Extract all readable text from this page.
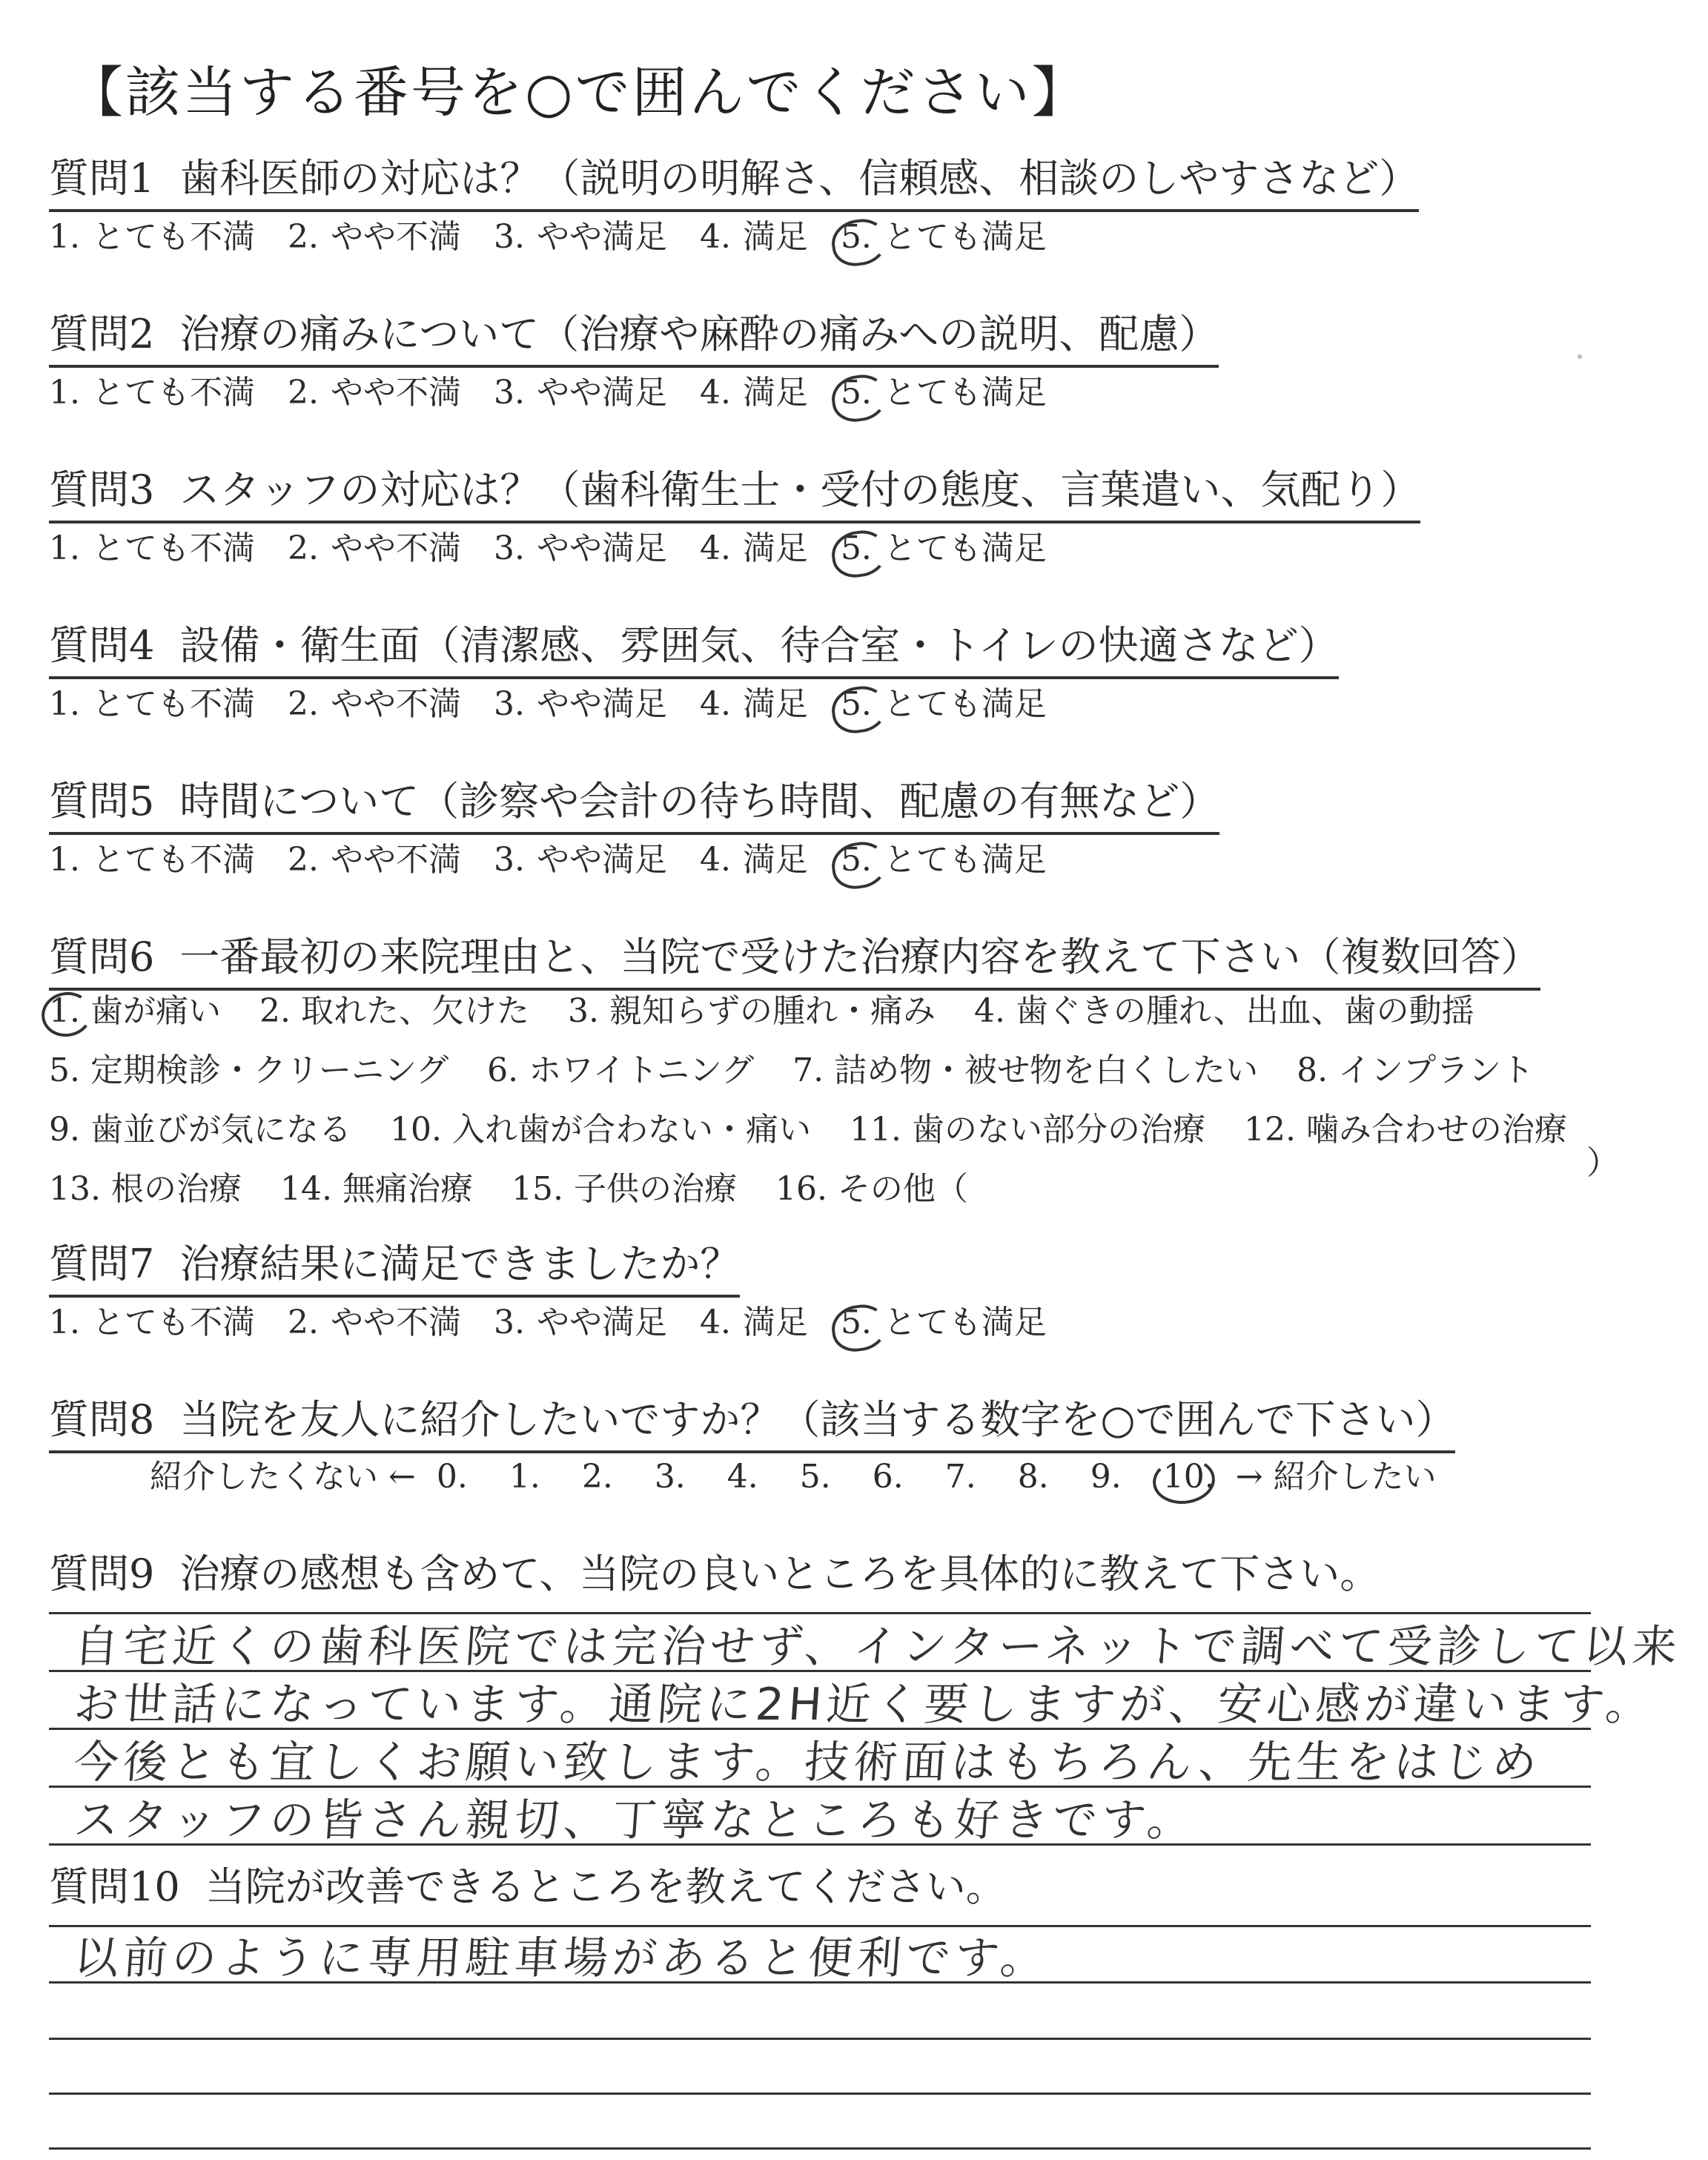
【該当する番号を○で囲んでください】
質問1 歯科医師の対応は？（説明の明解さ、信頼感、相談のしやすさなど）
1. とても不満 2. やや不満 3. やや満足 4. 満足 5. とても満足
質問2 治療の痛みについて（治療や麻酔の痛みへの説明、配慮）
1. とても不満 2. やや不満 3. やや満足 4. 満足 5. とても満足
質問3 スタッフの対応は？（歯科衛生士・受付の態度、言葉遣い、気配り）
1. とても不満 2. やや不満 3. やや満足 4. 満足 5. とても満足
質問4 設備・衛生面（清潔感、雰囲気、待合室・トイレの快適さなど）
1. とても不満 2. やや不満 3. やや満足 4. 満足 5. とても満足
質問5 時間について（診察や会計の待ち時間、配慮の有無など）
1. とても不満 2. やや不満 3. やや満足 4. 満足 5. とても満足
質問6 一番最初の来院理由と、当院で受けた治療内容を教えて下さい（複数回答）
1. 歯が痛い 2. 取れた、欠けた 3. 親知らずの腫れ・痛み 4. 歯ぐきの腫れ、出血、歯の動揺
5. 定期検診・クリーニング 6. ホワイトニング 7. 詰め物・被せ物を白くしたい 8. インプラント
9. 歯並びが気になる 10. 入れ歯が合わない・痛い 11. 歯のない部分の治療 12. 噛み合わせの治療
13. 根の治療 14. 無痛治療 15. 子供の治療 16. その他（
）
質問7 治療結果に満足できましたか？
1. とても不満 2. やや不満 3. やや満足 4. 満足 5. とても満足
質問8 当院を友人に紹介したいですか？（該当する数字を○で囲んで下さい）
紹介したくない ← 0. 1. 2. 3. 4. 5. 6. 7. 8. 9. 10. → 紹介したい
質問9 治療の感想も含めて、当院の良いところを具体的に教えて下さい。
自宅近くの歯科医院では完治せず、インターネットで調べて受診して以来
お世話になっています。通院に2H近く要しますが、安心感が違います。
今後とも宜しくお願い致します。技術面はもちろん、先生をはじめ
スタッフの皆さん親切、丁寧なところも好きです。
質問10 当院が改善できるところを教えてください。
以前のように専用駐車場があると便利です。
